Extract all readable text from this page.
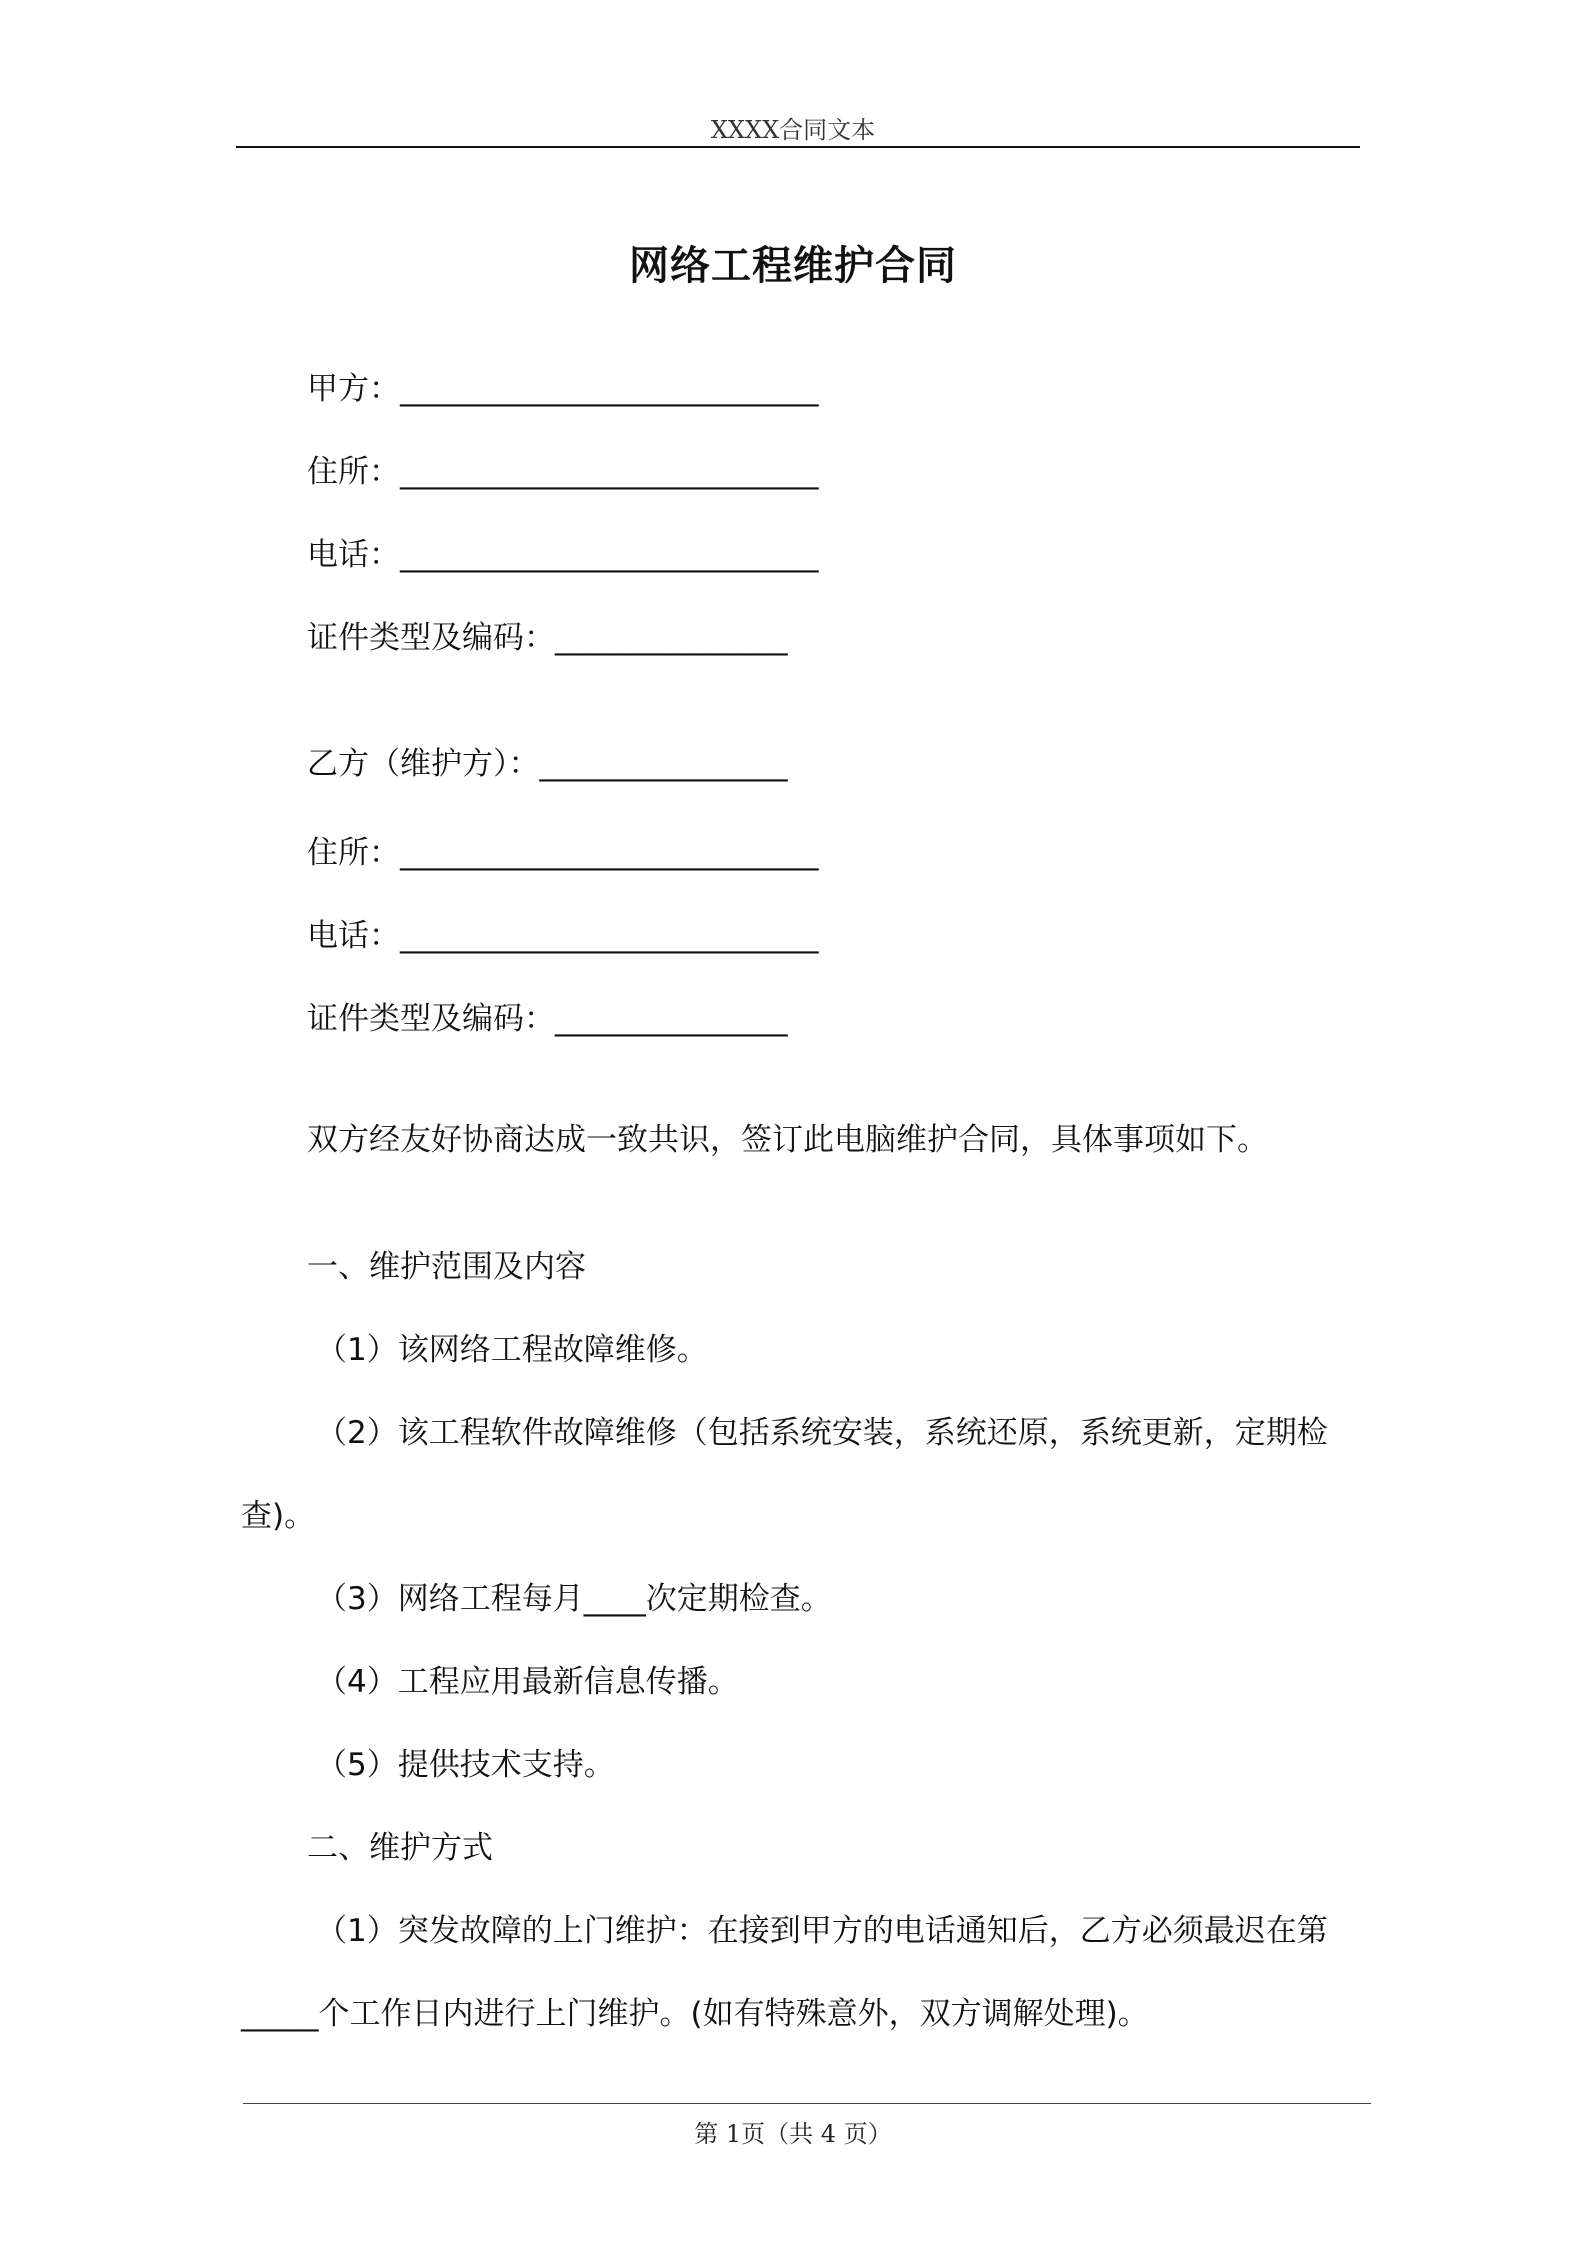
XXXX合同文本
网络工程维护合同
甲方：___________________________
住所：___________________________
电话：___________________________
证件类型及编码：_______________
乙方（维护方）：________________
住所：___________________________
电话：___________________________
证件类型及编码：_______________
双方经友好协商达成一致共识，签订此电脑维护合同，具体事项如下。
一、维护范围及内容
（1）该网络工程故障维修。
（2）该工程软件故障维修（包括系统安装，系统还原，系统更新，定期检
查)。
（3）网络工程每月____次定期检查。
（4）工程应用最新信息传播。
（5）提供技术支持。
二、维护方式
（1）突发故障的上门维护：在接到甲方的电话通知后，乙方必须最迟在第
_____个工作日内进行上门维护。(如有特殊意外，双方调解处理)。
第 1页（共 4 页）
